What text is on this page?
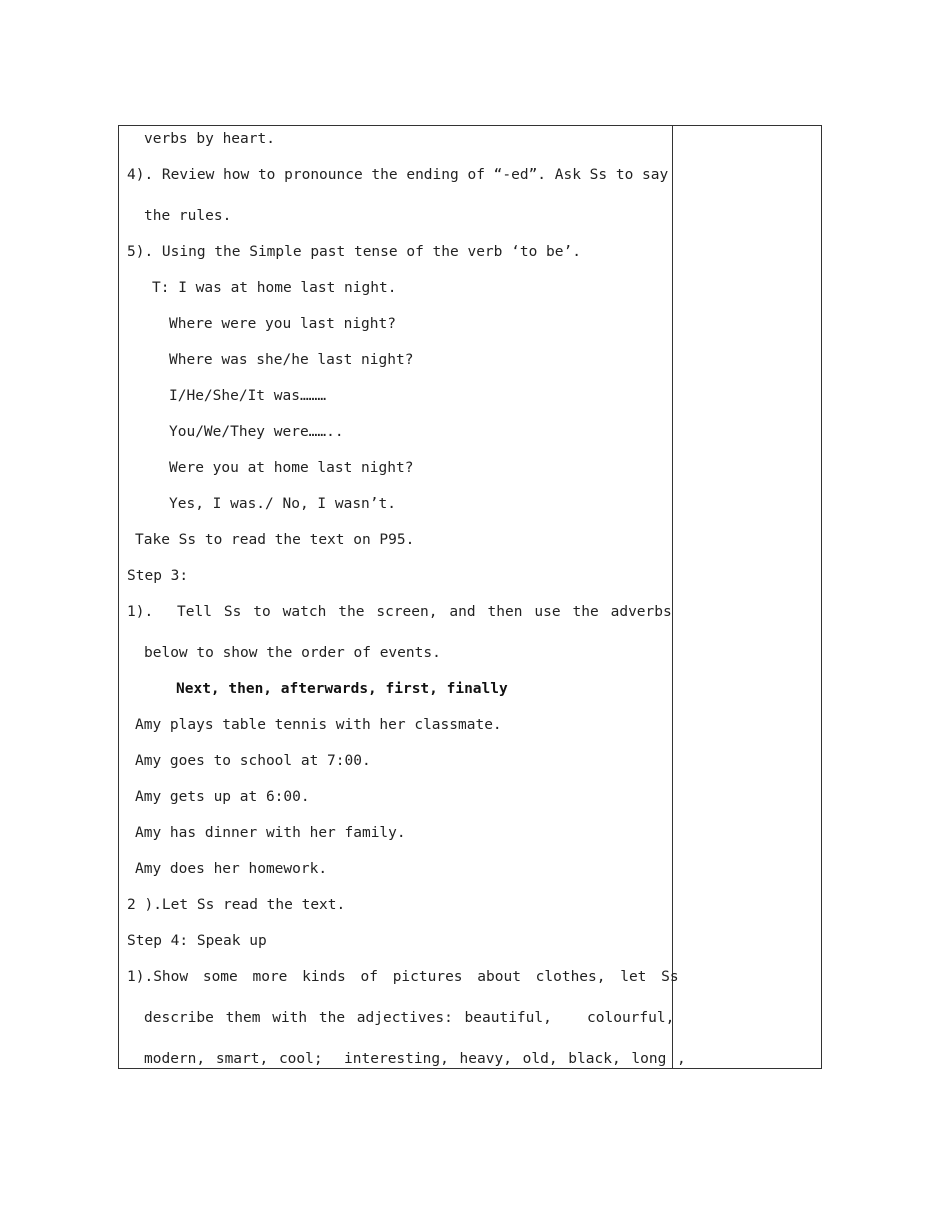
verbs by heart.
4). Review how to pronounce the ending of “-ed”. Ask Ss to say
the rules.
5). Using the Simple past tense of the verb ‘to be’.
T: I was at home last night.
Where were you last night?
Where was she/he last night?
I/He/She/It was………
You/We/They were……..
Were you at home last night?
Yes, I was./ No, I wasn’t.
Take Ss to read the text on P95.
Step 3:
1).  Tell Ss to watch the screen, and then use the adverbs
below to show the order of events.
Next, then, afterwards, first, finally
Amy plays table tennis with her classmate.
Amy goes to school at 7:00.
Amy gets up at 6:00.
Amy has dinner with her family.
Amy does her homework.
2 ).Let Ss read the text.
Step 4: Speak up
1).Show some more kinds of pictures about clothes, let Ss
describe them with the adjectives: beautiful,   colourful,
modern, smart, cool;  interesting, heavy, old, black, long ,
